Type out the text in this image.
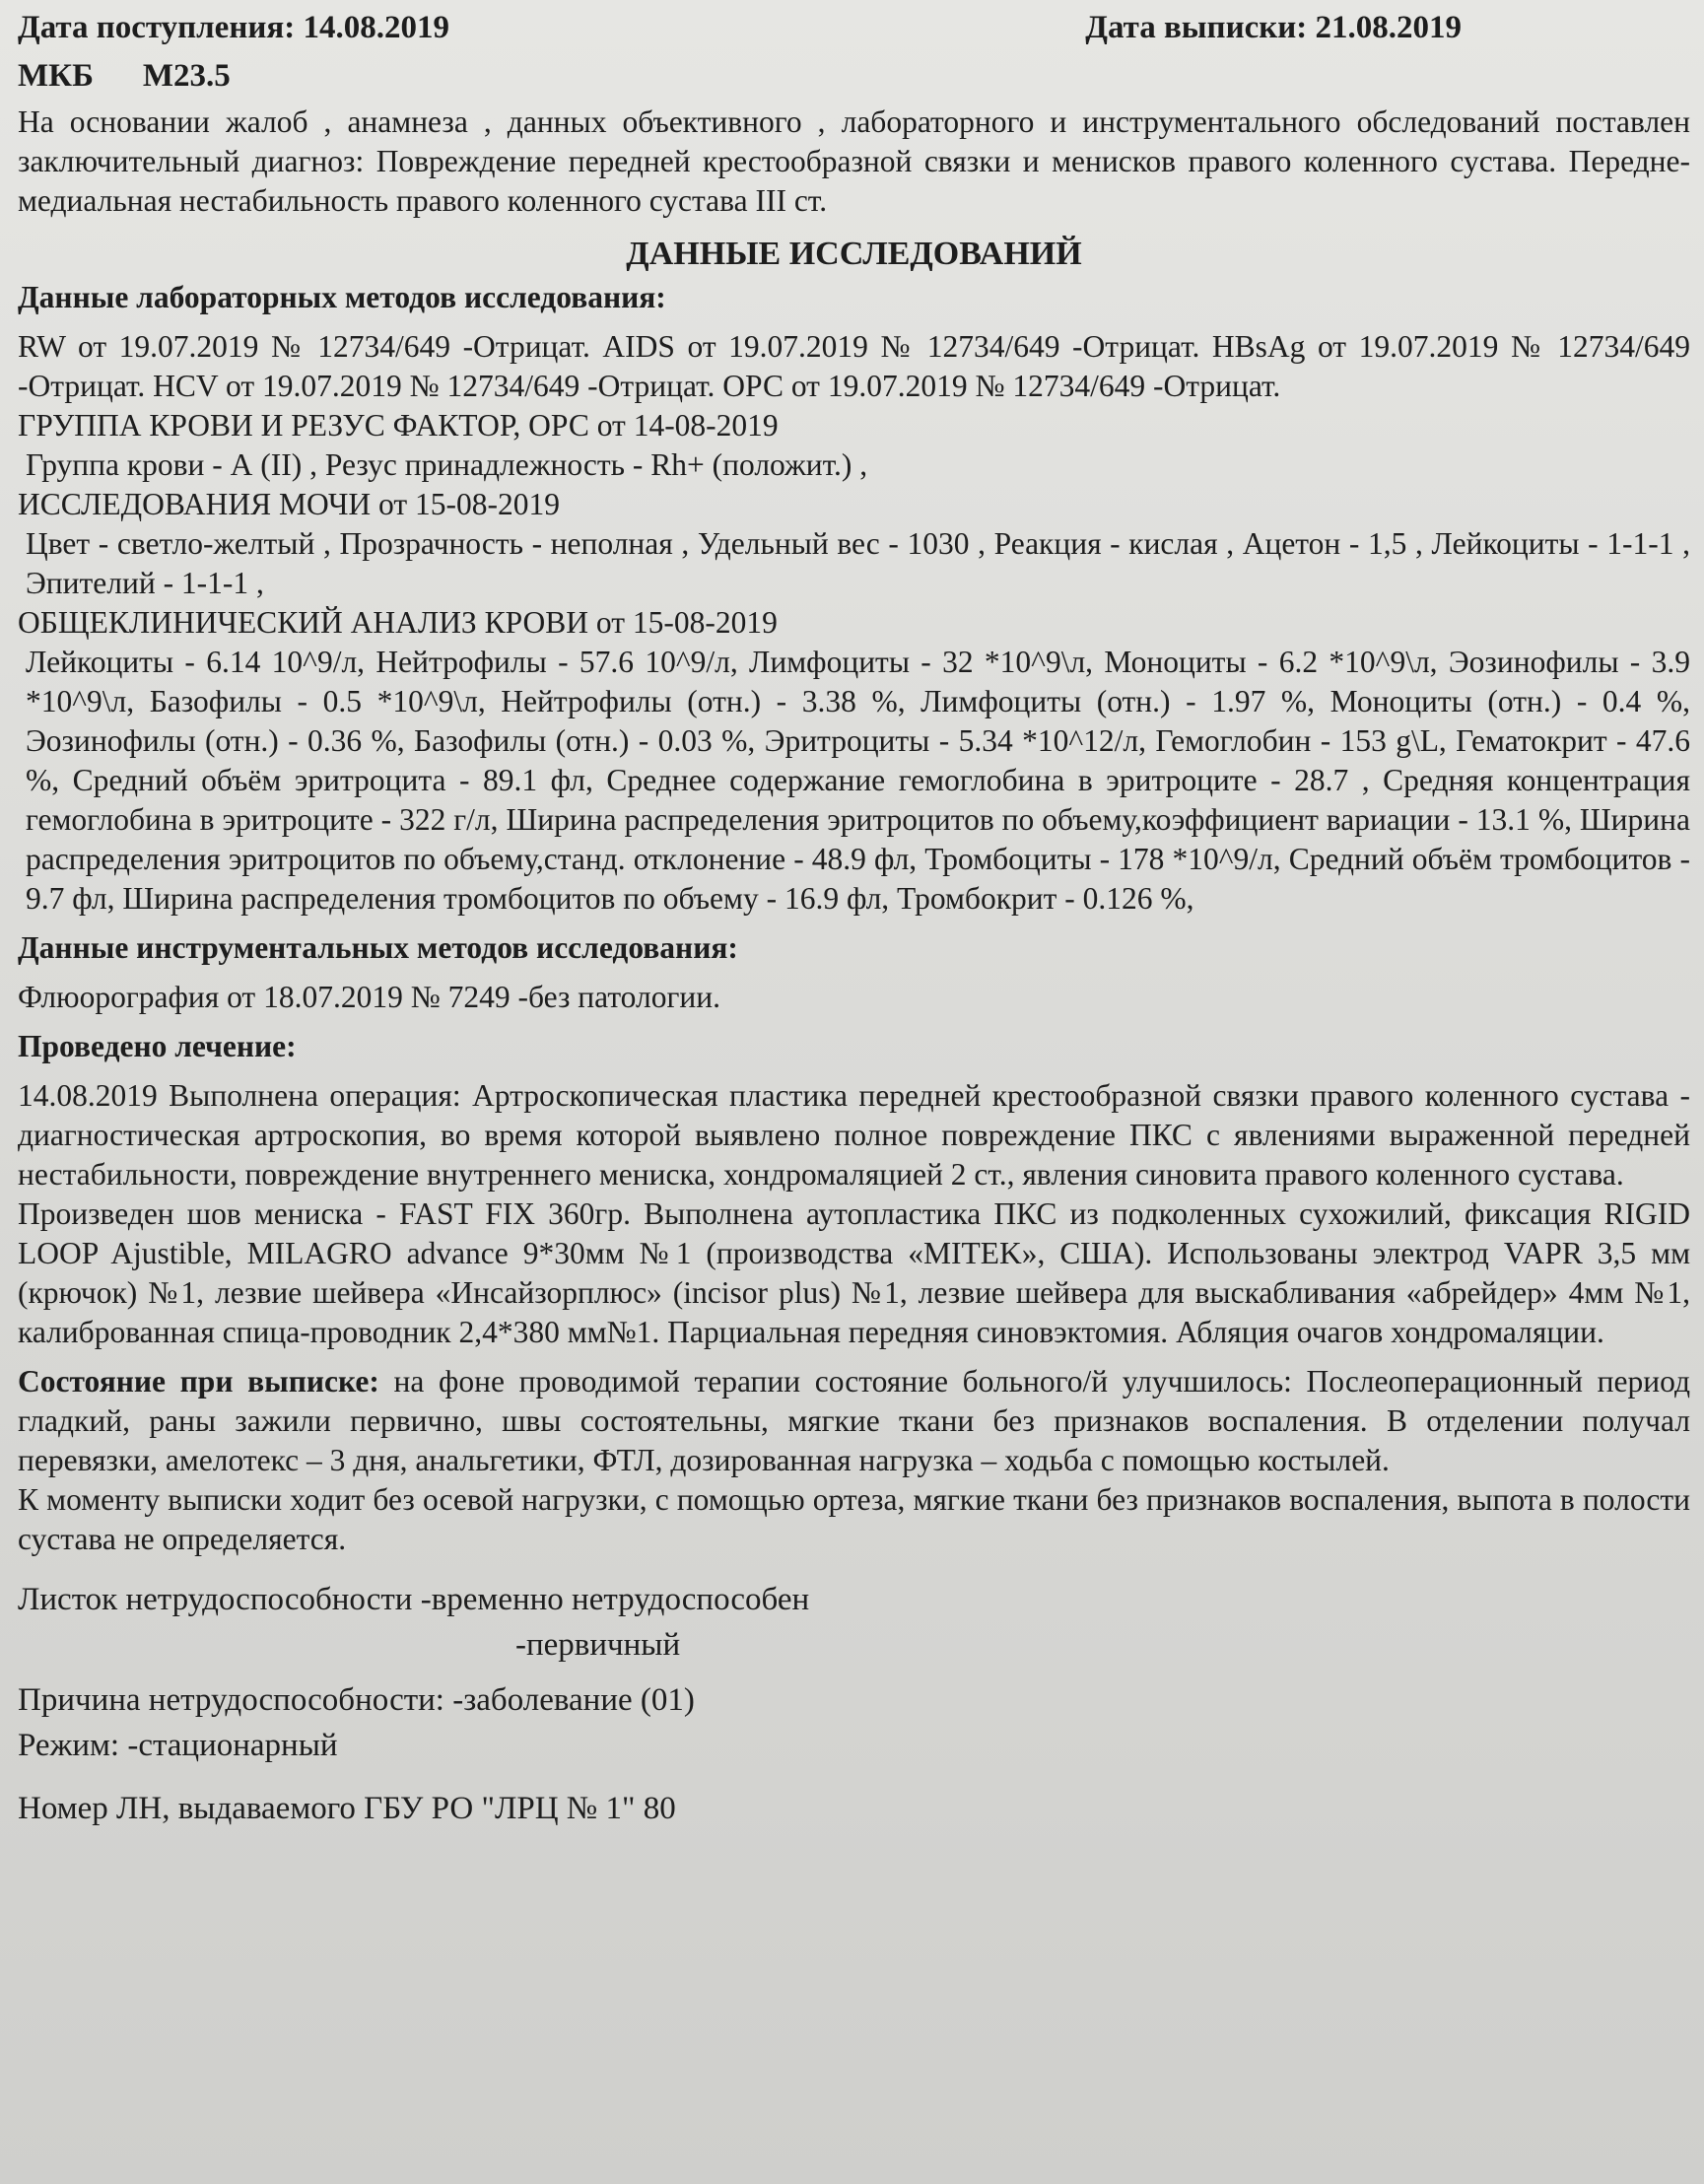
Дата поступления: 14.08.2019	Дата выписки: 21.08.2019
МКБ M23.5

На основании жалоб , анамнеза , данных объективного , лабораторного и инструментального обследований поставлен заключительный диагноз: Повреждение передней крестообразной связки и менисков правого коленного сустава. Передне-медиальная нестабильность правого коленного сустава III ст.

ДАННЫЕ ИССЛЕДОВАНИЙ
Данные лабораторных методов исследования:

RW от 19.07.2019 № 12734/649 -Отрицат. AIDS от 19.07.2019 № 12734/649 -Отрицат. HBsAg от 19.07.2019 № 12734/649 -Отрицат. HCV от 19.07.2019 № 12734/649 -Отрицат. ОРС от 19.07.2019 № 12734/649 -Отрицат.

ГРУППА КРОВИ И РЕЗУС ФАКТОР, ОРС от 14-08-2019

Группа крови - А (II) , Резус принадлежность - Rh+ (положит.) ,

ИССЛЕДОВАНИЯ МОЧИ от 15-08-2019

Цвет - светло-желтый , Прозрачность - неполная , Удельный вес - 1030 , Реакция - кислая , Ацетон - 1,5 , Лейкоциты - 1-1-1 , Эпителий - 1-1-1 ,

ОБЩЕКЛИНИЧЕСКИЙ АНАЛИЗ КРОВИ от 15-08-2019

Лейкоциты - 6.14 10^9/л, Нейтрофилы - 57.6 10^9/л, Лимфоциты - 32 *10^9\л, Моноциты - 6.2 *10^9\л, Эозинофилы - 3.9 *10^9\л, Базофилы - 0.5 *10^9\л, Нейтрофилы (отн.) - 3.38 %, Лимфоциты (отн.) - 1.97 %, Моноциты (отн.) - 0.4 %, Эозинофилы (отн.) - 0.36 %, Базофилы (отн.) - 0.03 %, Эритроциты - 5.34 *10^12/л, Гемоглобин - 153 g\L, Гематокрит - 47.6 %, Средний объём эритроцита - 89.1 фл, Среднее содержание гемоглобина в эритроците - 28.7 , Средняя концентрация гемоглобина в эритроците - 322 г/л, Ширина распределения эритроцитов по объему,коэффициент вариации - 13.1 %, Ширина распределения эритроцитов по объему,станд. отклонение - 48.9 фл, Тромбоциты - 178 *10^9/л, Средний объём тромбоцитов - 9.7 фл, Ширина распределения тромбоцитов по объему - 16.9 фл, Тромбокрит - 0.126 %,

Данные инструментальных методов исследования:

Флюорография от 18.07.2019 № 7249 -без патологии.

Проведено лечение:

14.08.2019 Выполнена операция: Артроскопическая пластика передней крестообразной связки правого коленного сустава - диагностическая артроскопия, во время которой выявлено полное повреждение ПКС с явлениями выраженной передней нестабильности, повреждение внутреннего мениска, хондромаляцией 2 ст., явления синовита правого коленного сустава.

Произведен шов мениска - FAST FIX 360гр. Выполнена аутопластика ПКС из подколенных сухожилий, фиксация RIGID LOOP Ajustible, MILAGRO advance 9*30мм №1 (производства «MITEK», США). Использованы электрод VAPR 3,5 мм (крючок) №1, лезвие шейвера «Инсайзорплюс» (incisor plus) №1, лезвие шейвера для выскабливания «абрейдер» 4мм №1, калиброванная спица-проводник 2,4*380 мм№1. Парциальная передняя синовэктомия. Абляция очагов хондромаляции.

Состояние при выписке: на фоне проводимой терапии состояние больного/й улучшилось: Послеоперационный период гладкий, раны зажили первично, швы состоятельны, мягкие ткани без признаков воспаления. В отделении получал перевязки, амелотекс – 3 дня, анальгетики, ФТЛ, дозированная нагрузка – ходьба с помощью костылей.

К моменту выписки ходит без осевой нагрузки, с помощью ортеза, мягкие ткани без признаков воспаления, выпота в полости сустава не определяется.

Листок нетрудоспособности -временно нетрудоспособен
-первичный
Причина нетрудоспособности: -заболевание (01)
Режим: -стационарный
Номер ЛН, выдаваемого ГБУ РО "ЛРЦ № 1" 80
